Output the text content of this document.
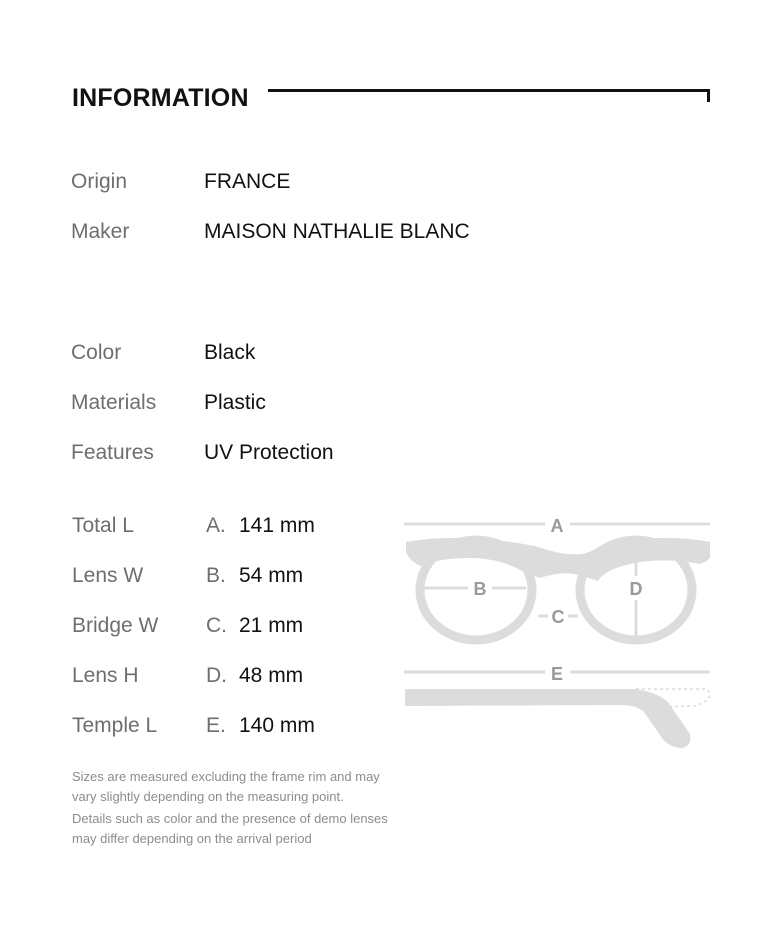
INFORMATION
Origin	FRANCE
Maker	MAISON NATHALIE BLANC
Color	Black
Materials Plastic
Features UV Protection
Total L	A. 141 mm
Lens W	B. 54 mm
Bridge W C. 21 mm
Lens H	D. 48 mm
Temple L E. 140 mm
Sizes are measured excluding the frame rim and may vary slightly depending on the measuring point.
Details such as color and the presence of demo lenses may differ depending on the arrival period
A
B
C
D
E
